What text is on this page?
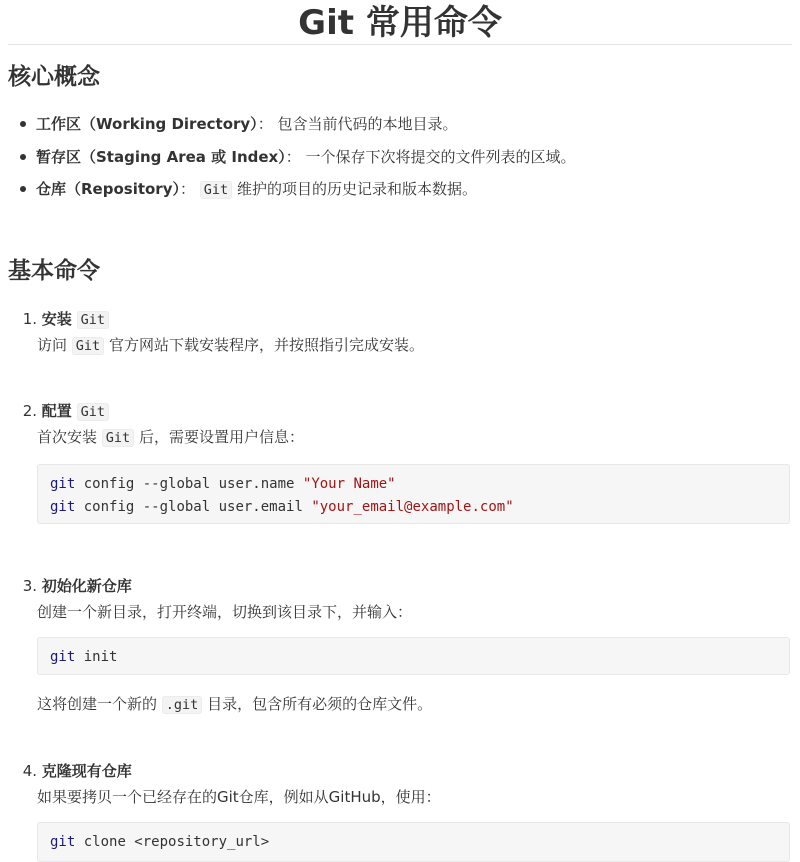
Git 常用命令
核心概念
工作区（Working Directory）： 包含当前代码的本地目录。
暂存区（Staging Area 或 Index）： 一个保存下次将提交的文件列表的区域。
仓库（Repository）： Git 维护的项目的历史记录和版本数据。
基本命令
1. 安装 Git
访问 Git 官方网站下载安装程序，并按照指引完成安装。
2. 配置 Git
首次安装 Git 后，需要设置用户信息：
git config --global user.name "Your Name"
git config --global user.email "your_email@example.com"
3. 初始化新仓库
创建一个新目录，打开终端，切换到该目录下，并输入：
git init
这将创建一个新的 .git 目录，包含所有必须的仓库文件。
4. 克隆现有仓库
如果要拷贝一个已经存在的Git仓库，例如从GitHub，使用：
git clone <repository_url>
